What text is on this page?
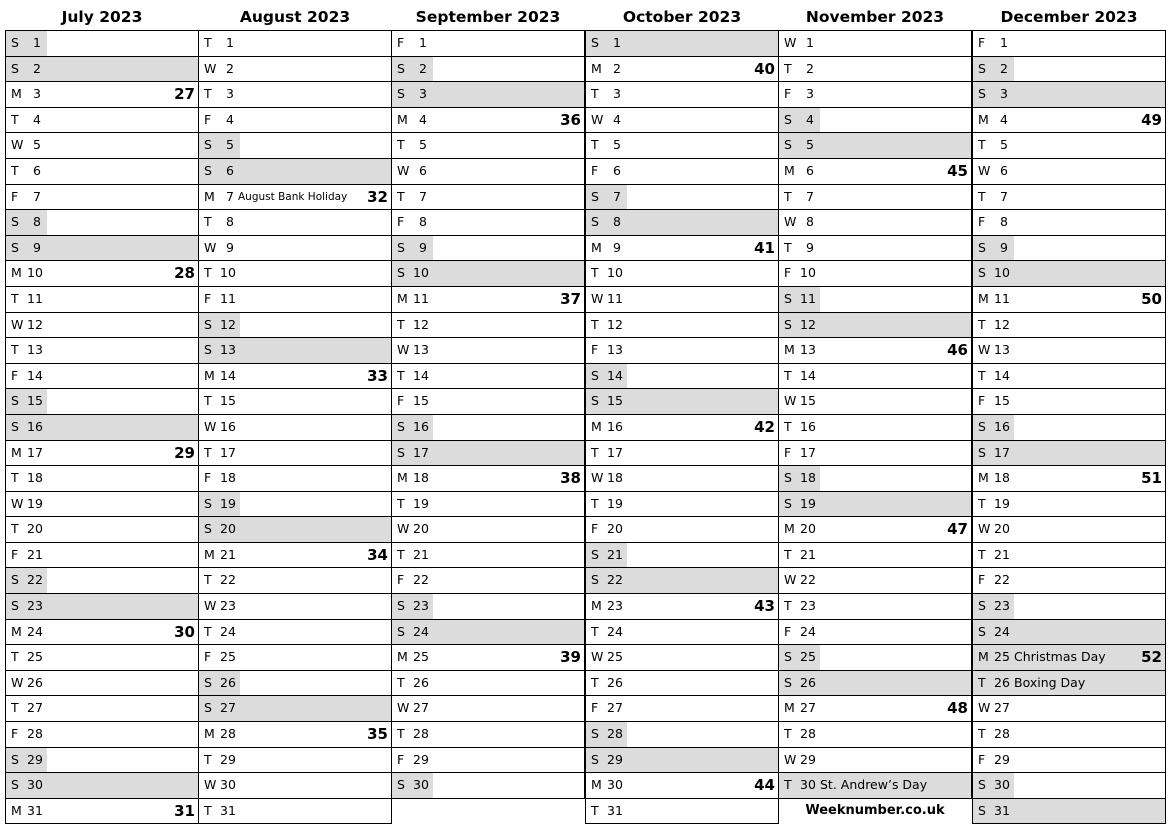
July 2023
S	1
S	2
M 3	27
T	4
W 5
T	6
F	7
S	8
S	9
M 10	28
T 11
W 12
T 13
F 14
S 15
S 16
M 17	29
T 18
W 19
T 20
F 21
S 22
S 23
M 24	30
T 25
W 26
T 27
F 28
S 29
S 30
M 31	31
August 2023
T	1
W 2
T	3
F	4
S	5
S	6
M 7 August Bank Holiday 32
T	8
W 9
T 10
F 11
S 12
S 13
M 14	33
T 15
W 16
T 17
F 18
S 19
S 20
M 21	34
T 22
W 23
T 24
F 25
S 26
S 27
M 28	35
T 29
W 30
T 31
September 2023
F	1
S	2
S	3
M 4	36
T	5
W 6
T	7
F	8
S	9
S 10
M 11	37
T 12
W 13
T 14
F 15
S 16
S 17
M 18	38
T 19
W 20
T 21
F 22
S 23
S 24
M 25	39
T 26
W 27
T 28
F 29
S 30
October 2023
S	1
M 2	40
T	3
W 4
T	5
F	6
S	7
S	8
M 9	41
T 10
W 11
T 12
F 13
S 14
S 15
M 16	42
T 17
W 18
T 19
F 20
S 21
S 22
M 23	43
T 24
W 25
T 26
F 27
S 28
S 29
M 30	44
T 31
November 2023
W 1
T	2
F	3
S	4
S	5
M 6	45
T	7
W 8
T	9
F 10
S 11
S 12
M 13	46
T 14
W 15
T 16
F 17
S 18
S 19
M 20	47
T 21
W 22
T 23
F 24
S 25
S 26
M 27	48
T 28
W 29
T 30 St. Andrew’s Day
December 2023
F	1
S	2
S	3
M 4	49
T	5
W 6
T	7
F	8
S	9
S 10
M 11	50
T 12
W 13
T 14
F 15
S 16
S 17
M 18	51
T 19
W 20
T 21
F 22
S 23
S 24
M 25 Christmas Day 52
T 26 Boxing Day
W 27
T 28
F 29
S 30
S 31
Weeknumber.co.uk
